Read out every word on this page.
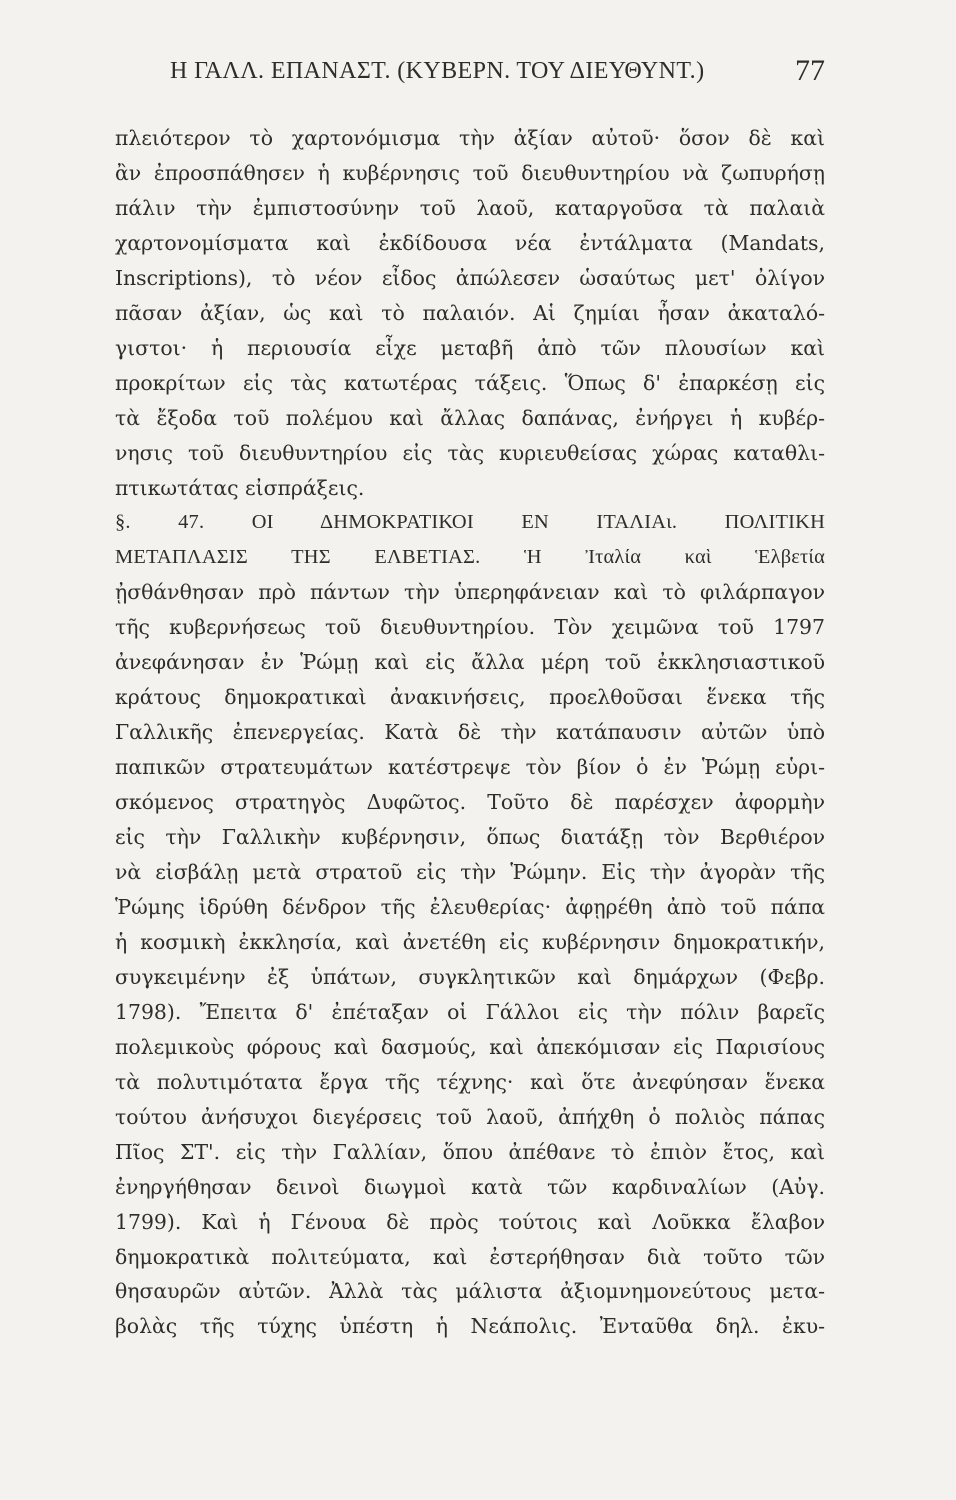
Η ΓΑΛΛ. ΕΠΑΝΑΣΤ. (ΚΥΒΕΡΝ. ΤΟΥ ΔΙΕΥΘΥΝΤ.)	77
πλειότερον τὸ χαρτονόμισμα τὴν ἀξίαν αὐτοῦ· ὅσον δὲ καὶ
ἂν ἐπροσπάθησεν ἡ κυβέρνησις τοῦ διευθυντηρίου νὰ ζωπυρήσῃ
πάλιν τὴν ἐμπιστοσύνην τοῦ λαοῦ, καταργοῦσα τὰ παλαιὰ
χαρτονομίσματα καὶ ἐκδίδουσα νέα ἐντάλματα (Mandats,
Inscriptions), τὸ νέον εἶδος ἀπώλεσεν ὡσαύτως μετ' ὀλίγον
πᾶσαν ἀξίαν, ὡς καὶ τὸ παλαιόν. Αἱ ζημίαι ἦσαν ἀκαταλό-
γιστοι· ἡ περιουσία εἶχε μεταβῆ ἀπὸ τῶν πλουσίων καὶ
προκρίτων εἰς τὰς κατωτέρας τάξεις. Ὅπως δ' ἐπαρκέσῃ εἰς
τὰ ἔξοδα τοῦ πολέμου καὶ ἄλλας δαπάνας, ἐνήργει ἡ κυβέρ-
νησις τοῦ διευθυντηρίου εἰς τὰς κυριευθείσας χώρας καταθλι-
πτικωτάτας εἰσπράξεις.
§. 47. ΟΙ ΔΗΜΟΚΡΑΤΙΚΟΙ ΕΝ ΙΤΑΛΙΑι. ΠΟΛΙΤΙΚΗ
ΜΕΤΑΠΛΑΣΙΣ ΤΗΣ ΕΛΒΕΤΙΑΣ. Ἡ Ἰταλία καὶ Ἑλβετία
ᾐσθάνθησαν πρὸ πάντων τὴν ὑπερηφάνειαν καὶ τὸ φιλάρπαγον
τῆς κυβερνήσεως τοῦ διευθυντηρίου. Τὸν χειμῶνα τοῦ 1797
ἀνεφάνησαν ἐν Ῥώμῃ καὶ εἰς ἄλλα μέρη τοῦ ἐκκλησιαστικοῦ
κράτους δημοκρατικαὶ ἀνακινήσεις, προελθοῦσαι ἕνεκα τῆς
Γαλλικῆς ἐπενεργείας. Κατὰ δὲ τὴν κατάπαυσιν αὐτῶν ὑπὸ
παπικῶν στρατευμάτων κατέστρεψε τὸν βίον ὁ ἐν Ῥώμῃ εὑρι-
σκόμενος στρατηγὸς Δυφῶτος. Τοῦτο δὲ παρέσχεν ἀφορμὴν
εἰς τὴν Γαλλικὴν κυβέρνησιν, ὅπως διατάξῃ τὸν Βερθιέρον
νὰ εἰσβάλῃ μετὰ στρατοῦ εἰς τὴν Ῥώμην. Εἰς τὴν ἀγορὰν τῆς
Ῥώμης ἱδρύθη δένδρον τῆς ἐλευθερίας· ἀφῃρέθη ἀπὸ τοῦ πάπα
ἡ κοσμικὴ ἐκκλησία, καὶ ἀνετέθη εἰς κυβέρνησιν δημοκρατικήν,
συγκειμένην ἐξ ὑπάτων, συγκλητικῶν καὶ δημάρχων (Φεβρ.
1798). Ἔπειτα δ' ἐπέταξαν οἱ Γάλλοι εἰς τὴν πόλιν βαρεῖς
πολεμικοὺς φόρους καὶ δασμούς, καὶ ἀπεκόμισαν εἰς Παρισίους
τὰ πολυτιμότατα ἔργα τῆς τέχνης· καὶ ὅτε ἀνεφύησαν ἕνεκα
τούτου ἀνήσυχοι διεγέρσεις τοῦ λαοῦ, ἀπήχθη ὁ πολιὸς πάπας
Πῖος ΣΤ'. εἰς τὴν Γαλλίαν, ὅπου ἀπέθανε τὸ ἐπιὸν ἔτος, καὶ
ἐνηργήθησαν δεινοὶ διωγμοὶ κατὰ τῶν καρδιναλίων (Αὐγ.
1799). Καὶ ἡ Γένουα δὲ πρὸς τούτοις καὶ Λοῦκκα ἔλαβον
δημοκρατικὰ πολιτεύματα, καὶ ἐστερήθησαν διὰ τοῦτο τῶν
θησαυρῶν αὐτῶν. Ἀλλὰ τὰς μάλιστα ἀξιομνημονεύτους μετα-
βολὰς τῆς τύχης ὑπέστη ἡ Νεάπολις. Ἐνταῦθα δηλ. ἐκυ-
